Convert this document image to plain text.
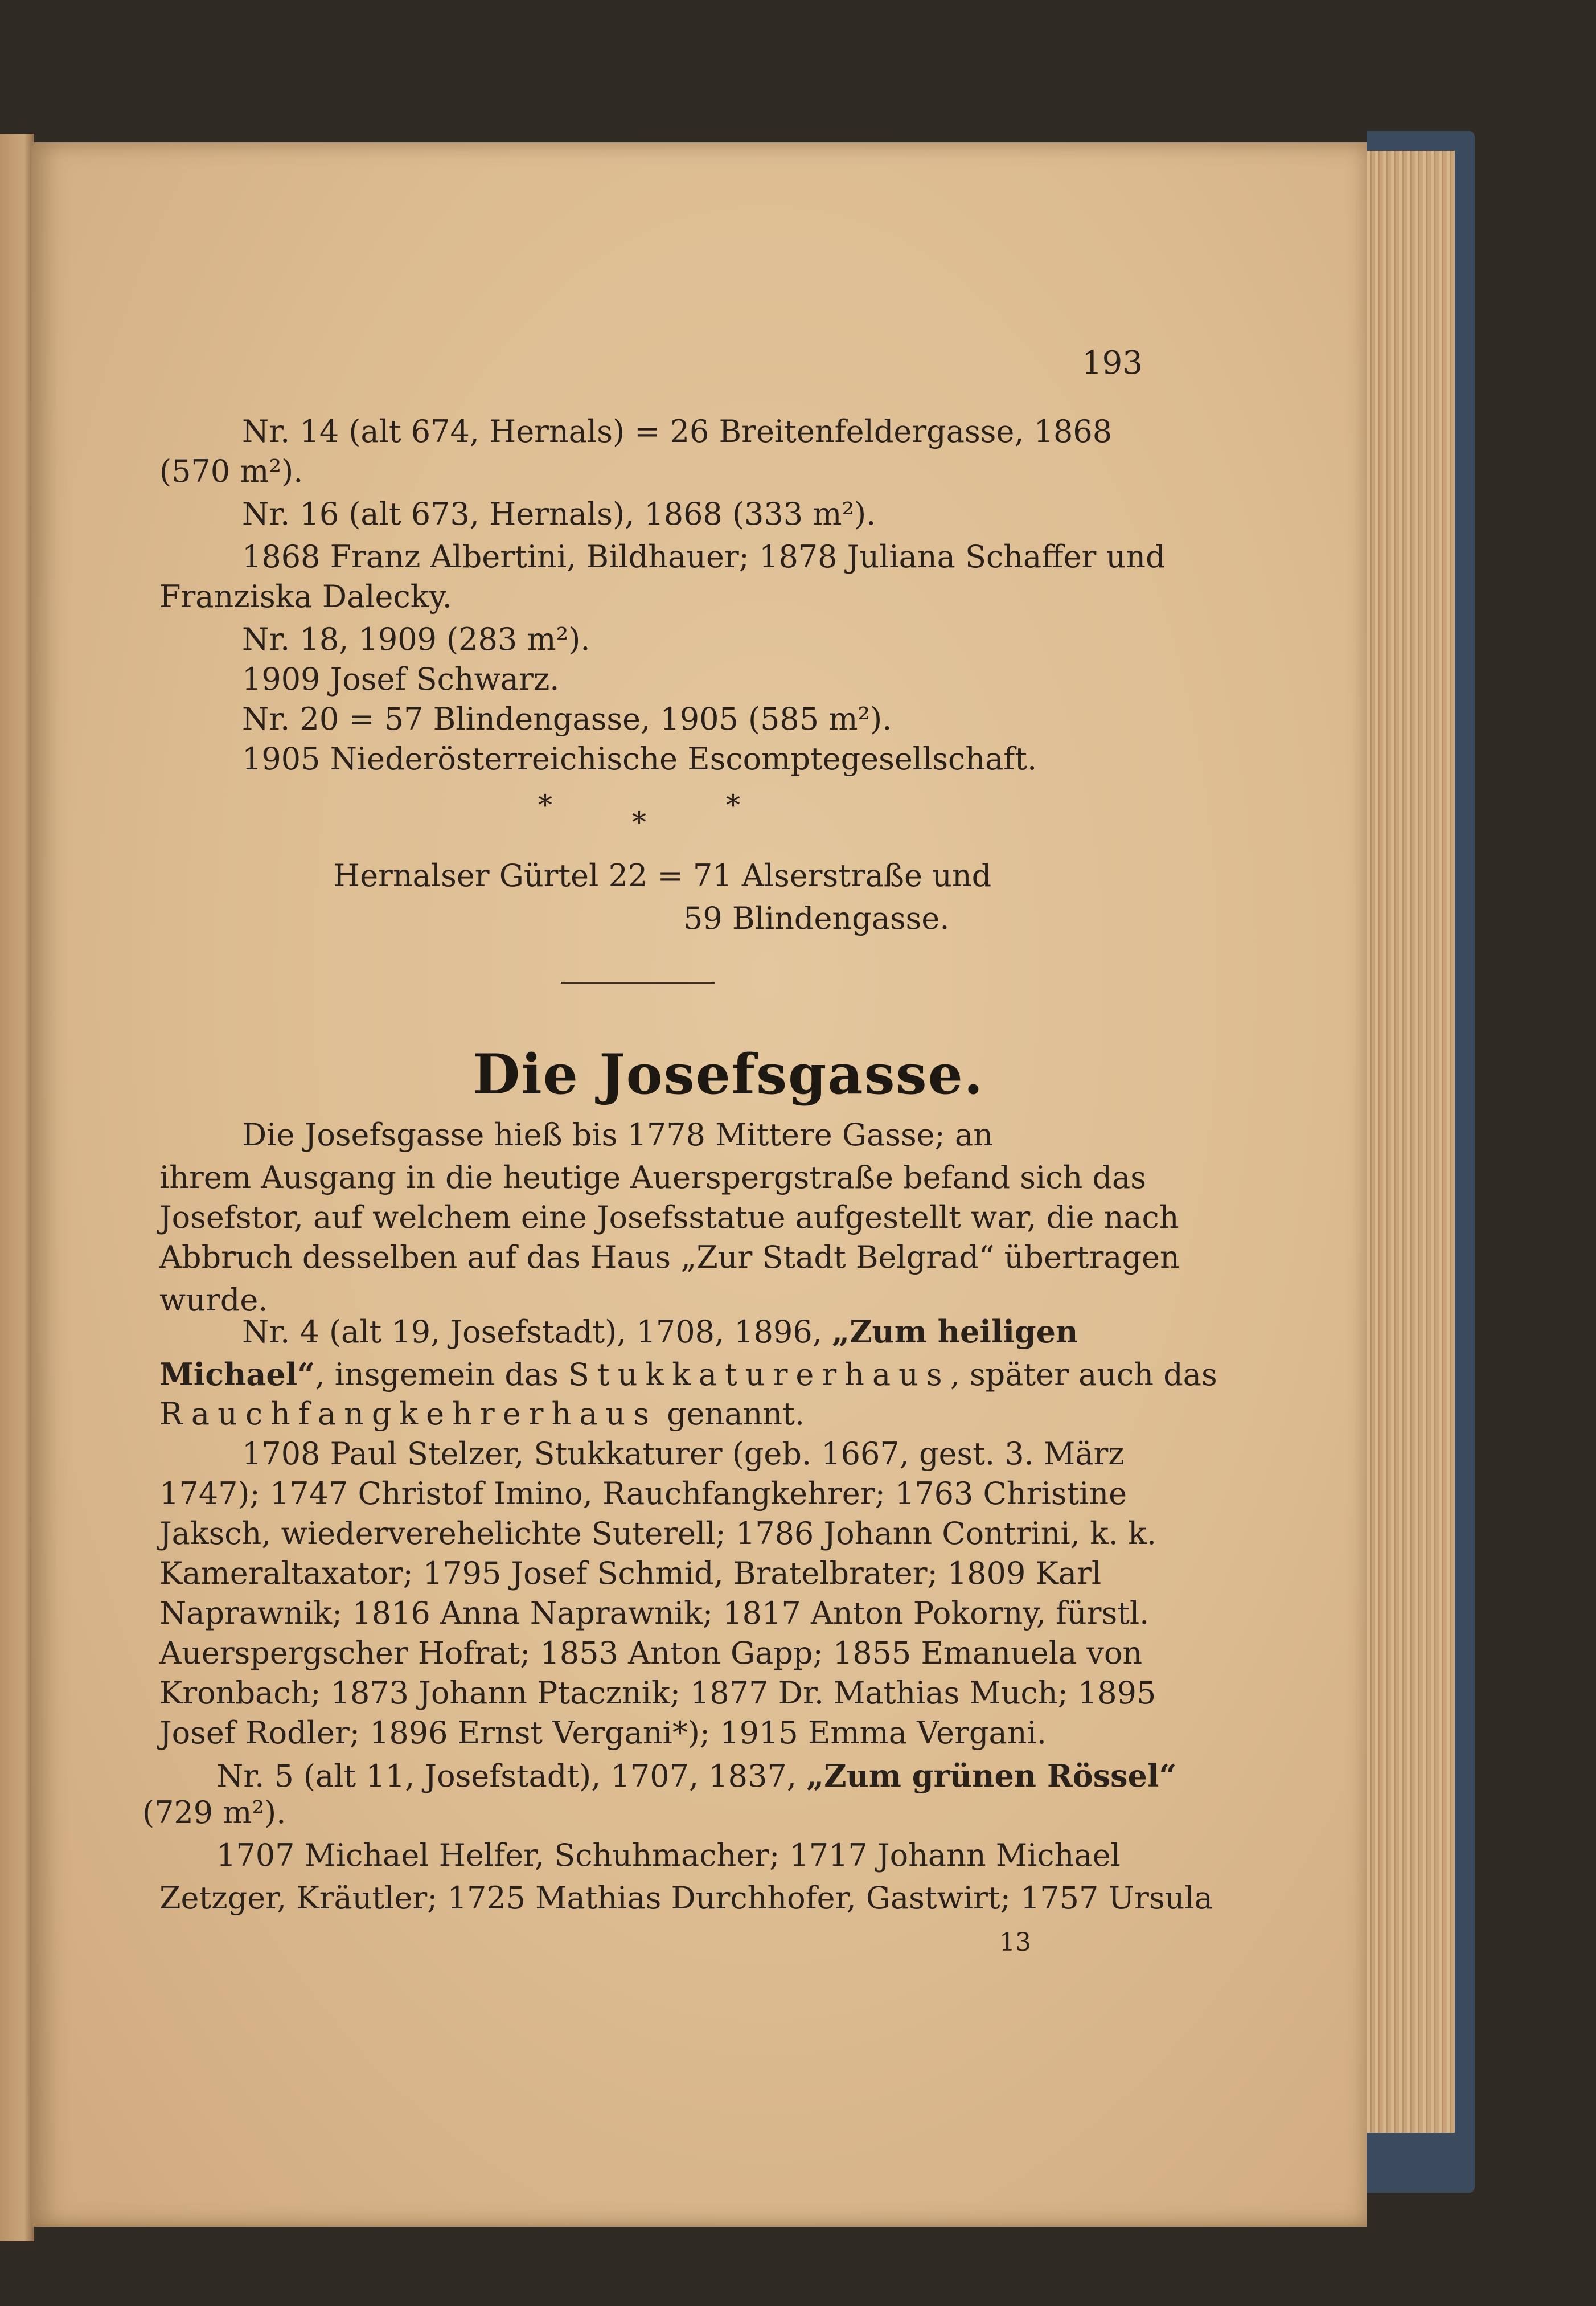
193
Nr. 14 (alt 674, Hernals) = 26 Breitenfeldergasse, 1868
(570 m²).
Nr. 16 (alt 673, Hernals), 1868 (333 m²).
1868 Franz Albertini, Bildhauer; 1878 Juliana Schaffer und
Franziska Dalecky.
Nr. 18, 1909 (283 m²).
1909 Josef Schwarz.
Nr. 20 = 57 Blindengasse, 1905 (585 m²).
1905 Niederösterreichische Escomptegesellschaft.
*
*
*
Hernalser Gürtel 22 = 71 Alserstraße und
59 Blindengasse.
Die Josefsgasse.
Die Josefsgasse hieß bis 1778 Mittere Gasse; an
ihrem Ausgang in die heutige Auerspergstraße befand sich das
Josefstor, auf welchem eine Josefsstatue aufgestellt war, die nach
Abbruch desselben auf das Haus „Zur Stadt Belgrad“ übertragen
wurde.
Nr. 4 (alt 19, Josefstadt), 1708, 1896, „Zum heiligen
Michael“, insgemein das Stukkaturerhaus, später auch das
Rauchfangkehrerhaus genannt.
1708 Paul Stelzer, Stukkaturer (geb. 1667, gest. 3. März
1747); 1747 Christof Imino, Rauchfangkehrer; 1763 Christine
Jaksch, wiederverehelichte Suterell; 1786 Johann Contrini, k. k.
Kameraltaxator; 1795 Josef Schmid, Bratelbrater; 1809 Karl
Naprawnik; 1816 Anna Naprawnik; 1817 Anton Pokorny, fürstl.
Auerspergscher Hofrat; 1853 Anton Gapp; 1855 Emanuela von
Kronbach; 1873 Johann Ptacznik; 1877 Dr. Mathias Much; 1895
Josef Rodler; 1896 Ernst Vergani*); 1915 Emma Vergani.
Nr. 5 (alt 11, Josefstadt), 1707, 1837, „Zum grünen Rössel“
(729 m²).
1707 Michael Helfer, Schuhmacher; 1717 Johann Michael
Zetzger, Kräutler; 1725 Mathias Durchhofer, Gastwirt; 1757 Ursula
13
